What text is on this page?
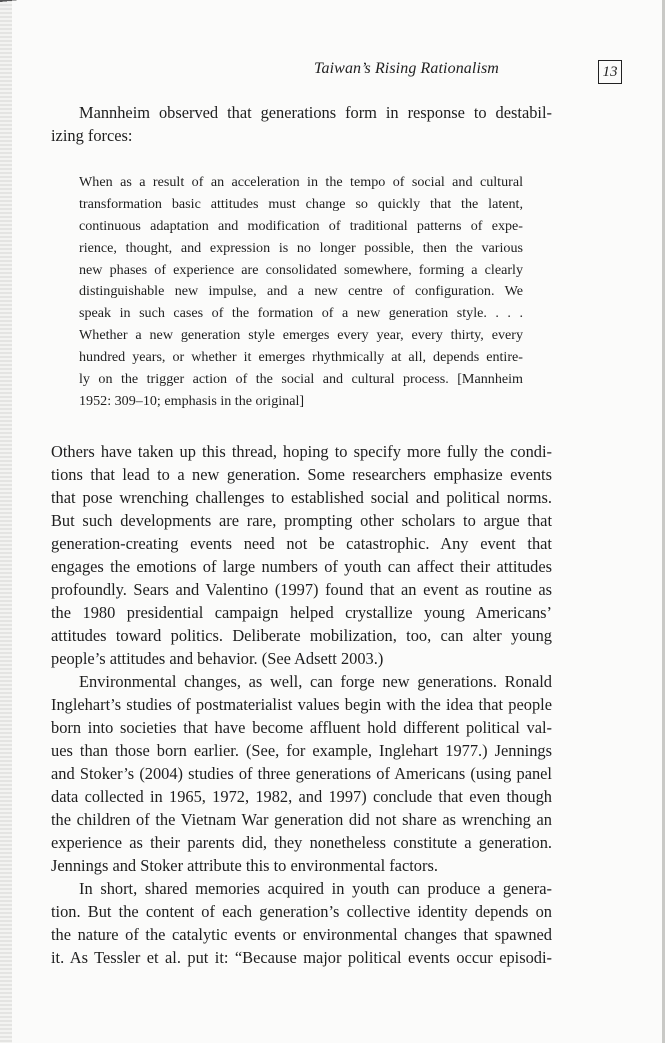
Taiwan’s Rising Rationalism	13
Mannheim observed that generations form in response to destabil-
izing forces:
When as a result of an acceleration in the tempo of social and cultural
transformation basic attitudes must change so quickly that the latent,
continuous adaptation and modification of traditional patterns of expe-
rience, thought, and expression is no longer possible, then the various
new phases of experience are consolidated somewhere, forming a clearly
distinguishable new impulse, and a new centre of configuration. We
speak in such cases of the formation of a new generation style. . . .
Whether a new generation style emerges every year, every thirty, every
hundred years, or whether it emerges rhythmically at all, depends entire-
ly on the trigger action of the social and cultural process. [Mannheim
1952: 309–10; emphasis in the original]
Others have taken up this thread, hoping to specify more fully the condi-
tions that lead to a new generation. Some researchers emphasize events
that pose wrenching challenges to established social and political norms.
But such developments are rare, prompting other scholars to argue that
generation-creating events need not be catastrophic. Any event that
engages the emotions of large numbers of youth can affect their attitudes
profoundly. Sears and Valentino (1997) found that an event as routine as
the 1980 presidential campaign helped crystallize young Americans’
attitudes toward politics. Deliberate mobilization, too, can alter young
people’s attitudes and behavior. (See Adsett 2003.)
Environmental changes, as well, can forge new generations. Ronald
Inglehart’s studies of postmaterialist values begin with the idea that people
born into societies that have become affluent hold different political val-
ues than those born earlier. (See, for example, Inglehart 1977.) Jennings
and Stoker’s (2004) studies of three generations of Americans (using panel
data collected in 1965, 1972, 1982, and 1997) conclude that even though
the children of the Vietnam War generation did not share as wrenching an
experience as their parents did, they nonetheless constitute a generation.
Jennings and Stoker attribute this to environmental factors.
In short, shared memories acquired in youth can produce a genera-
tion. But the content of each generation’s collective identity depends on
the nature of the catalytic events or environmental changes that spawned
it. As Tessler et al. put it: “Because major political events occur episodi-
